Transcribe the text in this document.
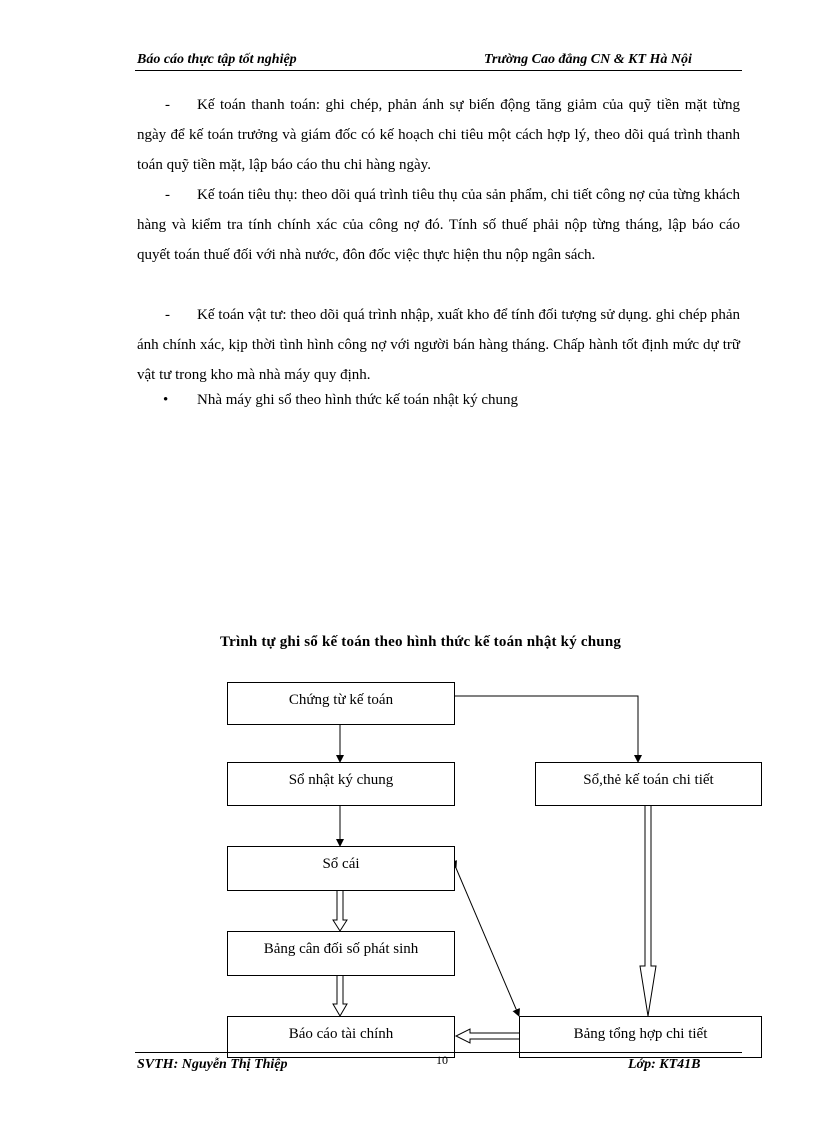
Báo cáo thực tập tốt nghiệp	Trường Cao đẳng CN & KT Hà Nội
- Kế toán thanh toán: ghi chép, phản ánh sự biến động tăng giảm của quỹ tiền mặt từng ngày để kế toán trưởng và giám đốc có kế hoạch chi tiêu một cách hợp lý, theo dõi quá trình thanh toán quỹ tiền mặt, lập báo cáo thu chi hàng ngày.
- Kế toán tiêu thụ: theo dõi quá trình tiêu thụ của sản phẩm, chi tiết công nợ của từng khách hàng và kiểm tra tính chính xác của công nợ đó. Tính số thuế phải nộp từng tháng, lập báo cáo quyết toán thuế đối với nhà nước, đôn đốc việc thực hiện thu nộp ngân sách.
- Kế toán vật tư: theo dõi quá trình nhập, xuất kho để tính đối tượng sử dụng. ghi chép phản ánh chính xác, kịp thời tình hình công nợ với người bán hàng tháng. Chấp hành tốt định mức dự trữ vật tư trong kho mà nhà máy quy định.
• Nhà máy ghi sổ theo hình thức kế toán nhật ký chung
Trình tự ghi sổ kế toán theo hình thức kế toán nhật ký chung
Chứng từ kế toán
Sổ nhật ký chung	Sổ,thẻ kế toán chi tiết
Sổ cái
Bảng cân đối số phát sinh
Báo cáo tài chính	Bảng tổng hợp chi tiết
SVTH: Nguyễn Thị Thiệp	10	Lớp: KT41B
